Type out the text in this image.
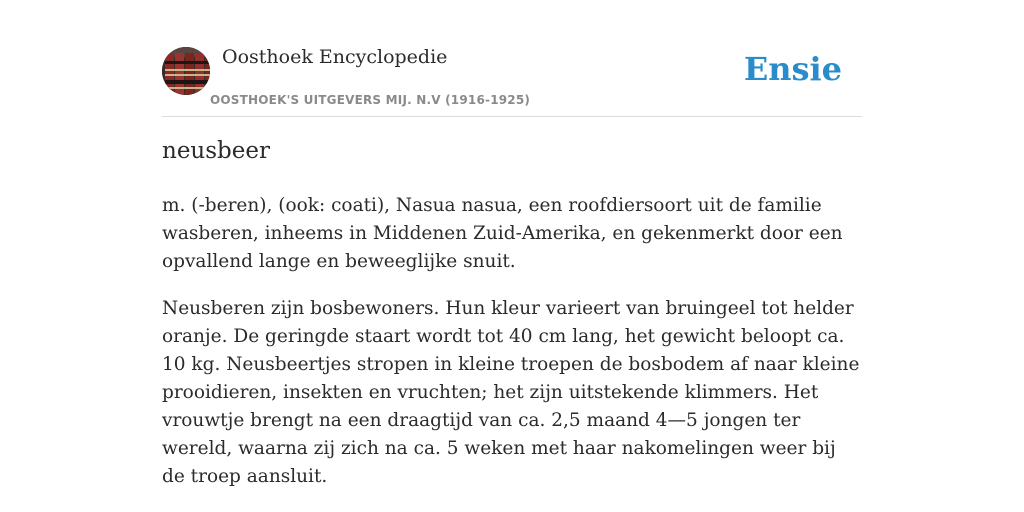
Oosthoek Encyclopedie
OOSTHOEK'S UITGEVERS MIJ. N.V (1916-1925)
Ensie
neusbeer

m. (-beren), (ook: coati), Nasua nasua, een roofdiersoort uit de familie wasberen, inheems in Middenen Zuid-Amerika, en gekenmerkt door een opvallend lange en beweeglijke snuit.

Neusberen zijn bosbewoners. Hun kleur varieert van bruingeel tot helder oranje. De geringde staart wordt tot 40 cm lang, het gewicht beloopt ca. 10 kg. Neusbeertjes stropen in kleine troepen de bosbodem af naar kleine prooidieren, insekten en vruchten; het zijn uitstekende klimmers. Het vrouwtje brengt na een draagtijd van ca. 2,5 maand 4—5 jongen ter wereld, waarna zij zich na ca. 5 weken met haar nakomelingen weer bij de troep aansluit.
